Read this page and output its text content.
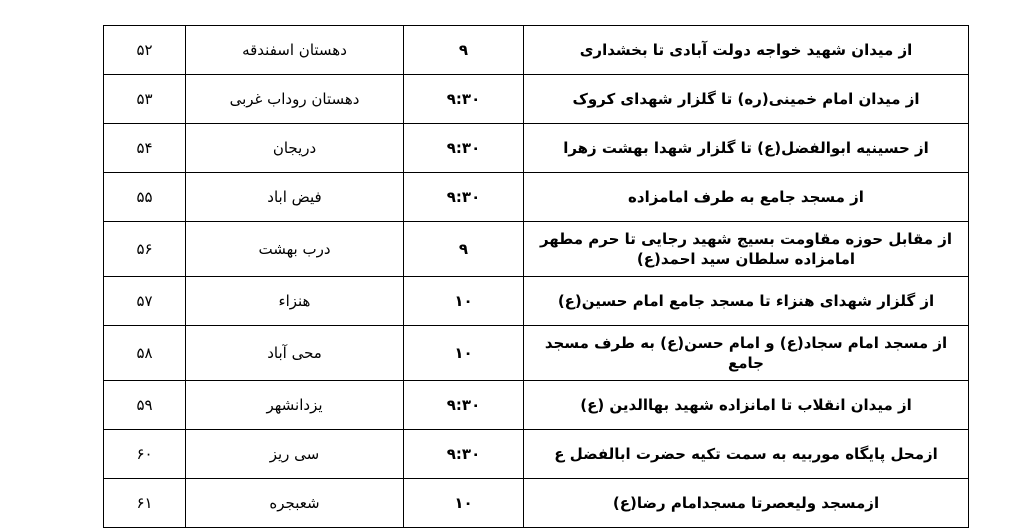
از میدان شهید خواجه دولت آبادی تا بخشداری	۹	دهستان اسفندقه	۵۲
از میدان امام خمینی(ره) تا گلزار شهدای کروک	۹:۳۰	دهستان روداب غربی	۵۳
از حسینیه ابوالفضل(ع) تا گلزار شهدا بهشت زهرا	۹:۳۰	دریجان	۵۴
از مسجد جامع به طرف امامزاده	۹:۳۰	فیض اباد	۵۵
از مقابل حوزه مقاومت بسیج شهید رجایی تا حرم مطهر امامزاده سلطان سید احمد(ع)	۹	درب بهشت	۵۶
از گلزار شهدای هنزاء تا مسجد جامع امام حسین(ع)	۱۰	هنزاء	۵۷
از مسجد امام سجاد(ع) و امام حسن(ع) به طرف مسجد جامع	۱۰	محی آباد	۵۸
از میدان انقلاب تا امانزاده شهید بهاالدین (ع)	۹:۳۰	یزدانشهر	۵۹
ازمحل پایگاه موربیه به سمت تکیه حضرت ابالفضل ع	۹:۳۰	سی ریز	۶۰
ازمسجد ولیعصرتا مسجدامام رضا(ع)	۱۰	شعبجره	۶۱
